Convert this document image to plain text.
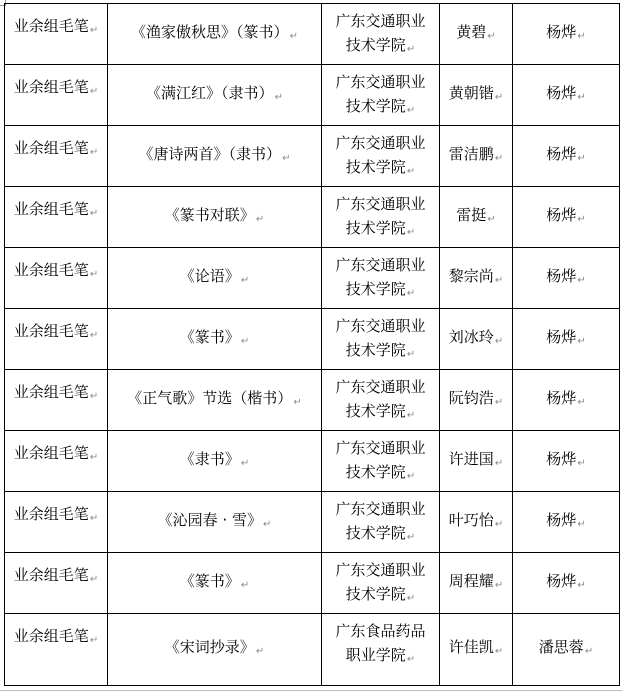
业余组毛笔↵	《渔家傲秋思》（篆书）↵	广东交通职业
技术学院↵	黄碧↵	杨烨↵
业余组毛笔↵	《满江红》（隶书）↵	广东交通职业
技术学院↵	黄朝锴↵	杨烨↵
业余组毛笔↵	《唐诗两首》（隶书）↵	广东交通职业
技术学院↵	雷洁鹏↵	杨烨↵
业余组毛笔↵	《篆书对联》↵	广东交通职业
技术学院↵	雷挺↵	杨烨↵
业余组毛笔↵	《论语》↵	广东交通职业
技术学院↵	黎宗尚↵	杨烨↵
业余组毛笔↵	《篆书》↵	广东交通职业
技术学院↵	刘冰玲↵	杨烨↵
业余组毛笔↵	《正气歌》节选（楷书）↵	广东交通职业
技术学院↵	阮钧浩↵	杨烨↵
业余组毛笔↵	《隶书》↵	广东交通职业
技术学院↵	许进国↵	杨烨↵
业余组毛笔↵	《沁园春 · 雪》↵	广东交通职业
技术学院↵	叶巧怡↵	杨烨↵
业余组毛笔↵	《篆书》↵	广东交通职业
技术学院↵	周程耀↵	杨烨↵
业余组毛笔↵	《宋词抄录》↵	广东食品药品
职业学院↵	许佳凯↵	潘思蓉↵
